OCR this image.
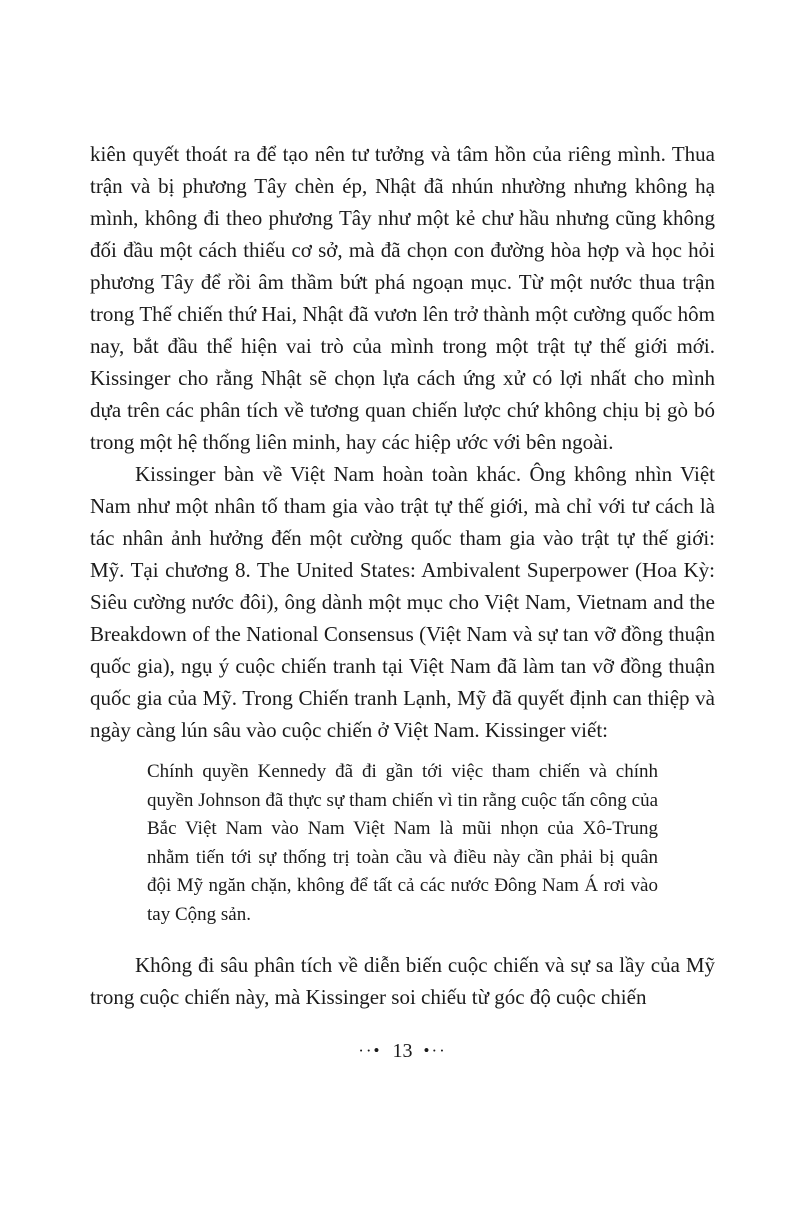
kiên quyết thoát ra để tạo nên tư tưởng và tâm hồn của riêng mình. Thua trận và bị phương Tây chèn ép, Nhật đã nhún nhường nhưng không hạ mình, không đi theo phương Tây như một kẻ chư hầu nhưng cũng không đối đầu một cách thiếu cơ sở, mà đã chọn con đường hòa hợp và học hỏi phương Tây để rồi âm thầm bứt phá ngoạn mục. Từ một nước thua trận trong Thế chiến thứ Hai, Nhật đã vươn lên trở thành một cường quốc hôm nay, bắt đầu thể hiện vai trò của mình trong một trật tự thế giới mới. Kissinger cho rằng Nhật sẽ chọn lựa cách ứng xử có lợi nhất cho mình dựa trên các phân tích về tương quan chiến lược chứ không chịu bị gò bó trong một hệ thống liên minh, hay các hiệp ước với bên ngoài.

Kissinger bàn về Việt Nam hoàn toàn khác. Ông không nhìn Việt Nam như một nhân tố tham gia vào trật tự thế giới, mà chỉ với tư cách là tác nhân ảnh hưởng đến một cường quốc tham gia vào trật tự thế giới: Mỹ. Tại chương 8. The United States: Ambivalent Superpower (Hoa Kỳ: Siêu cường nước đôi), ông dành một mục cho Việt Nam, Vietnam and the Breakdown of the National Consensus (Việt Nam và sự tan vỡ đồng thuận quốc gia), ngụ ý cuộc chiến tranh tại Việt Nam đã làm tan vỡ đồng thuận quốc gia của Mỹ. Trong Chiến tranh Lạnh, Mỹ đã quyết định can thiệp và ngày càng lún sâu vào cuộc chiến ở Việt Nam. Kissinger viết:

Chính quyền Kennedy đã đi gần tới việc tham chiến và chính quyền Johnson đã thực sự tham chiến vì tin rằng cuộc tấn công của Bắc Việt Nam vào Nam Việt Nam là mũi nhọn của Xô-Trung nhằm tiến tới sự thống trị toàn cầu và điều này cần phải bị quân đội Mỹ ngăn chặn, không để tất cả các nước Đông Nam Á rơi vào tay Cộng sản.

Không đi sâu phân tích về diễn biến cuộc chiến và sự sa lầy của Mỹ trong cuộc chiến này, mà Kissinger soi chiếu từ góc độ cuộc chiến

··• 13 •··
